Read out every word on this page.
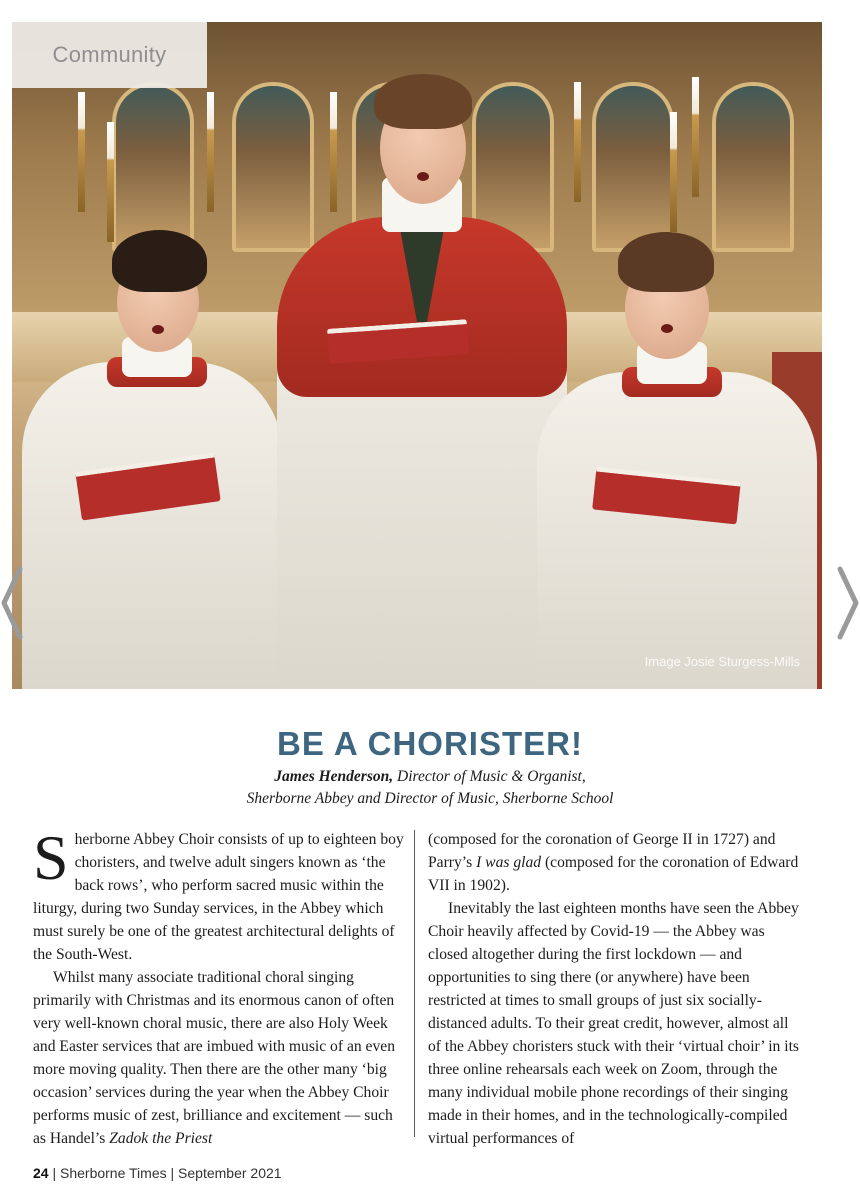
Community
Image Josie Sturgess-Mills
BE A CHORISTER!
James Henderson, Director of Music & Organist,
Sherborne Abbey and Director of Music, Sherborne School

Sherborne Abbey Choir consists of up to eighteen boy choristers, and twelve adult singers known as ‘the back rows’, who perform sacred music within the liturgy, during two Sunday services, in the Abbey which must surely be one of the greatest architectural delights of the South-West.

Whilst many associate traditional choral singing primarily with Christmas and its enormous canon of often very well-known choral music, there are also Holy Week and Easter services that are imbued with music of an even more moving quality. Then there are the other many ‘big occasion’ services during the year when the Abbey Choir performs music of zest, brilliance and excitement — such as Handel’s Zadok the Priest

(composed for the coronation of George II in 1727) and Parry’s I was glad (composed for the coronation of Edward VII in 1902).

Inevitably the last eighteen months have seen the Abbey Choir heavily affected by Covid-19 — the Abbey was closed altogether during the first lockdown — and opportunities to sing there (or anywhere) have been restricted at times to small groups of just six socially-distanced adults. To their great credit, however, almost all of the Abbey choristers stuck with their ‘virtual choir’ in its three online rehearsals each week on Zoom, through the many individual mobile phone recordings of their singing made in their homes, and in the technologically-compiled virtual performances of

24 | Sherborne Times | September 2021
